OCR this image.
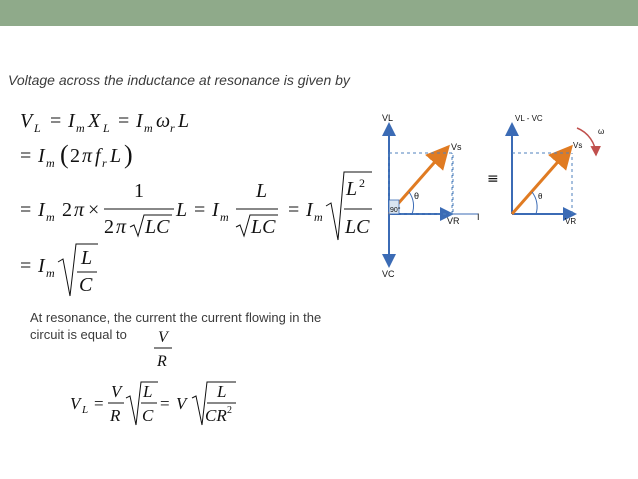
Voltage across the inductance at resonance is given by
V L = I m X L = I m ω r L
= I m ( 2 π f r L )
= I m 2 π ×
1
2 π LC
L = I m
L
LC
= I m
L 2
LC
= I m
L
C
V
R
V L =
V
R
L
C
= V
L
CR 2
At resonance, the current the current flowing in the
circuit is equal to
VL
VC
Vs
VR I
θ
90°
≡
VL - VC
Vs
VR
θ
ω
